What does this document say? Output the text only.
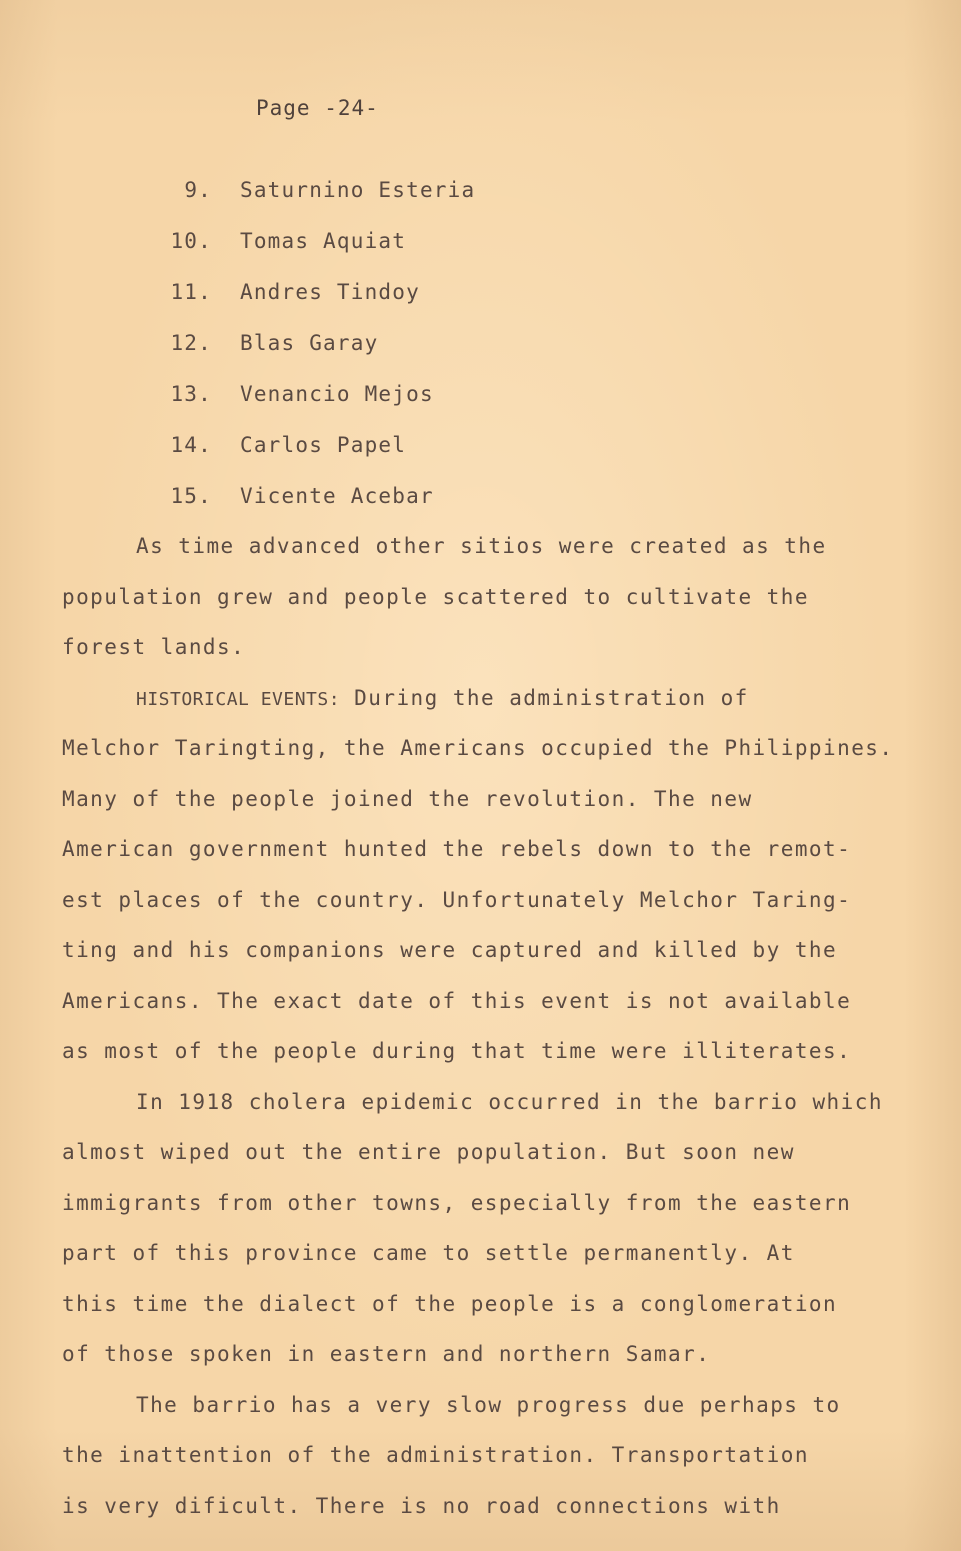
Page -24-
9. Saturnino Esteria
10. Tomas Aquiat
11. Andres Tindoy
12. Blas Garay
13. Venancio Mejos
14. Carlos Papel
15. Vicente Acebar
As time advanced other sitios were created as the
population grew and people scattered to cultivate the
forest lands.
HISTORICAL EVENTS: During the administration of
Melchor Taringting, the Americans occupied the Philippines.
Many of the people joined the revolution. The new
American government hunted the rebels down to the remot-
est places of the country. Unfortunately Melchor Taring-
ting and his companions were captured and killed by the
Americans. The exact date of this event is not available
as most of the people during that time were illiterates.
In 1918 cholera epidemic occurred in the barrio which
almost wiped out the entire population. But soon new
immigrants from other towns, especially from the eastern
part of this province came to settle permanently. At
this time the dialect of the people is a conglomeration
of those spoken in eastern and northern Samar.
The barrio has a very slow progress due perhaps to
the inattention of the administration. Transportation
is very dificult. There is no road connections with
